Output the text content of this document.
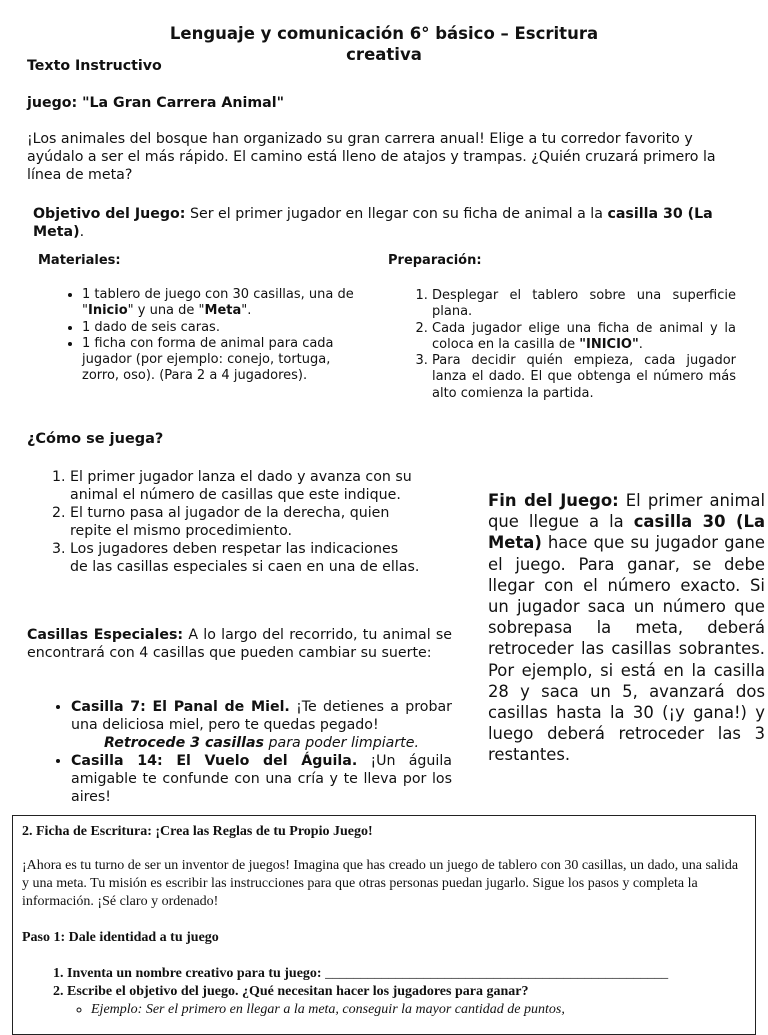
Lenguaje y comunicación 6° básico – Escritura creativa
Texto Instructivo
juego: "La Gran Carrera Animal"
¡Los animales del bosque han organizado su gran carrera anual! Elige a tu corredor favorito y ayúdalo a ser el más rápido. El camino está lleno de atajos y trampas. ¿Quién cruzará primero la línea de meta?
Objetivo del Juego: Ser el primer jugador en llegar con su ficha de animal a la casilla 30 (La Meta).
Materiales:
• 1 tablero de juego con 30 casillas, una de "Inicio" y una de "Meta".
• 1 dado de seis caras.
• 1 ficha con forma de animal para cada jugador (por ejemplo: conejo, tortuga, zorro, oso). (Para 2 a 4 jugadores).
Preparación:
1. Desplegar el tablero sobre una superficie plana.
2. Cada jugador elige una ficha de animal y la coloca en la casilla de "INICIO".
3. Para decidir quién empieza, cada jugador lanza el dado. El que obtenga el número más alto comienza la partida.
¿Cómo se juega?
1. El primer jugador lanza el dado y avanza con su animal el número de casillas que este indique.
2. El turno pasa al jugador de la derecha, quien repite el mismo procedimiento.
3. Los jugadores deben respetar las indicaciones de las casillas especiales si caen en una de ellas.
Casillas Especiales: A lo largo del recorrido, tu animal se encontrará con 4 casillas que pueden cambiar su suerte:
• Casilla 7: El Panal de Miel. ¡Te detienes a probar una deliciosa miel, pero te quedas pegado!
Retrocede 3 casillas para poder limpiarte.
• Casilla 14: El Vuelo del Águila. ¡Un águila amigable te confunde con una cría y te lleva por los aires!
Fin del Juego: El primer animal que llegue a la casilla 30 (La Meta) hace que su jugador gane el juego. Para ganar, se debe llegar con el número exacto. Si un jugador saca un número que sobrepasa la meta, deberá retroceder las casillas sobrantes. Por ejemplo, si está en la casilla 28 y saca un 5, avanzará dos casillas hasta la 30 (¡y gana!) y luego deberá retroceder las 3 restantes.
2. Ficha de Escritura: ¡Crea las Reglas de tu Propio Juego!
¡Ahora es tu turno de ser un inventor de juegos! Imagina que has creado un juego de tablero con 30 casillas, un dado, una salida y una meta. Tu misión es escribir las instrucciones para que otras personas puedan jugarlo. Sigue los pasos y completa la información. ¡Sé claro y ordenado!
Paso 1: Dale identidad a tu juego
1. Inventa un nombre creativo para tu juego: _________________________________________________
2. Escribe el objetivo del juego. ¿Qué necesitan hacer los jugadores para ganar?
◦ Ejemplo: Ser el primero en llegar a la meta, conseguir la mayor cantidad de puntos,
